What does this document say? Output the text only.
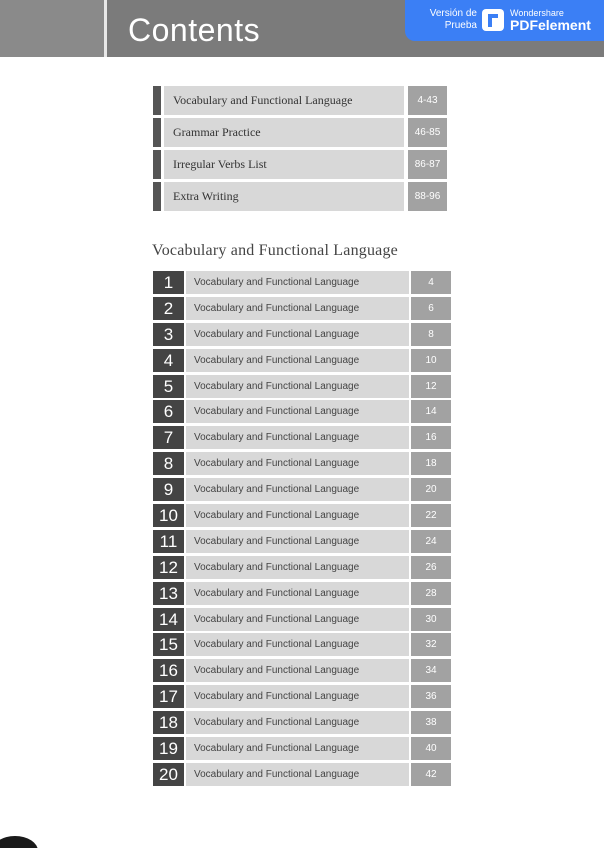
Contents	Versión de
Prueba
Wondershare
PDFelement
Vocabulary and Functional Language	4-43
Grammar Practice	46-85
Irregular Verbs List	86-87
Extra Writing	88-96
Vocabulary and Functional Language
1	Vocabulary and Functional Language	4
2	Vocabulary and Functional Language	6
3	Vocabulary and Functional Language	8
4	Vocabulary and Functional Language	10
5	Vocabulary and Functional Language	12
6	Vocabulary and Functional Language	14
7	Vocabulary and Functional Language	16
8	Vocabulary and Functional Language	18
9	Vocabulary and Functional Language	20
10	Vocabulary and Functional Language	22
11	Vocabulary and Functional Language	24
12	Vocabulary and Functional Language	26
13	Vocabulary and Functional Language	28
14	Vocabulary and Functional Language	30
15	Vocabulary and Functional Language	32
16	Vocabulary and Functional Language	34
17	Vocabulary and Functional Language	36
18	Vocabulary and Functional Language	38
19	Vocabulary and Functional Language	40
20	Vocabulary and Functional Language	42
